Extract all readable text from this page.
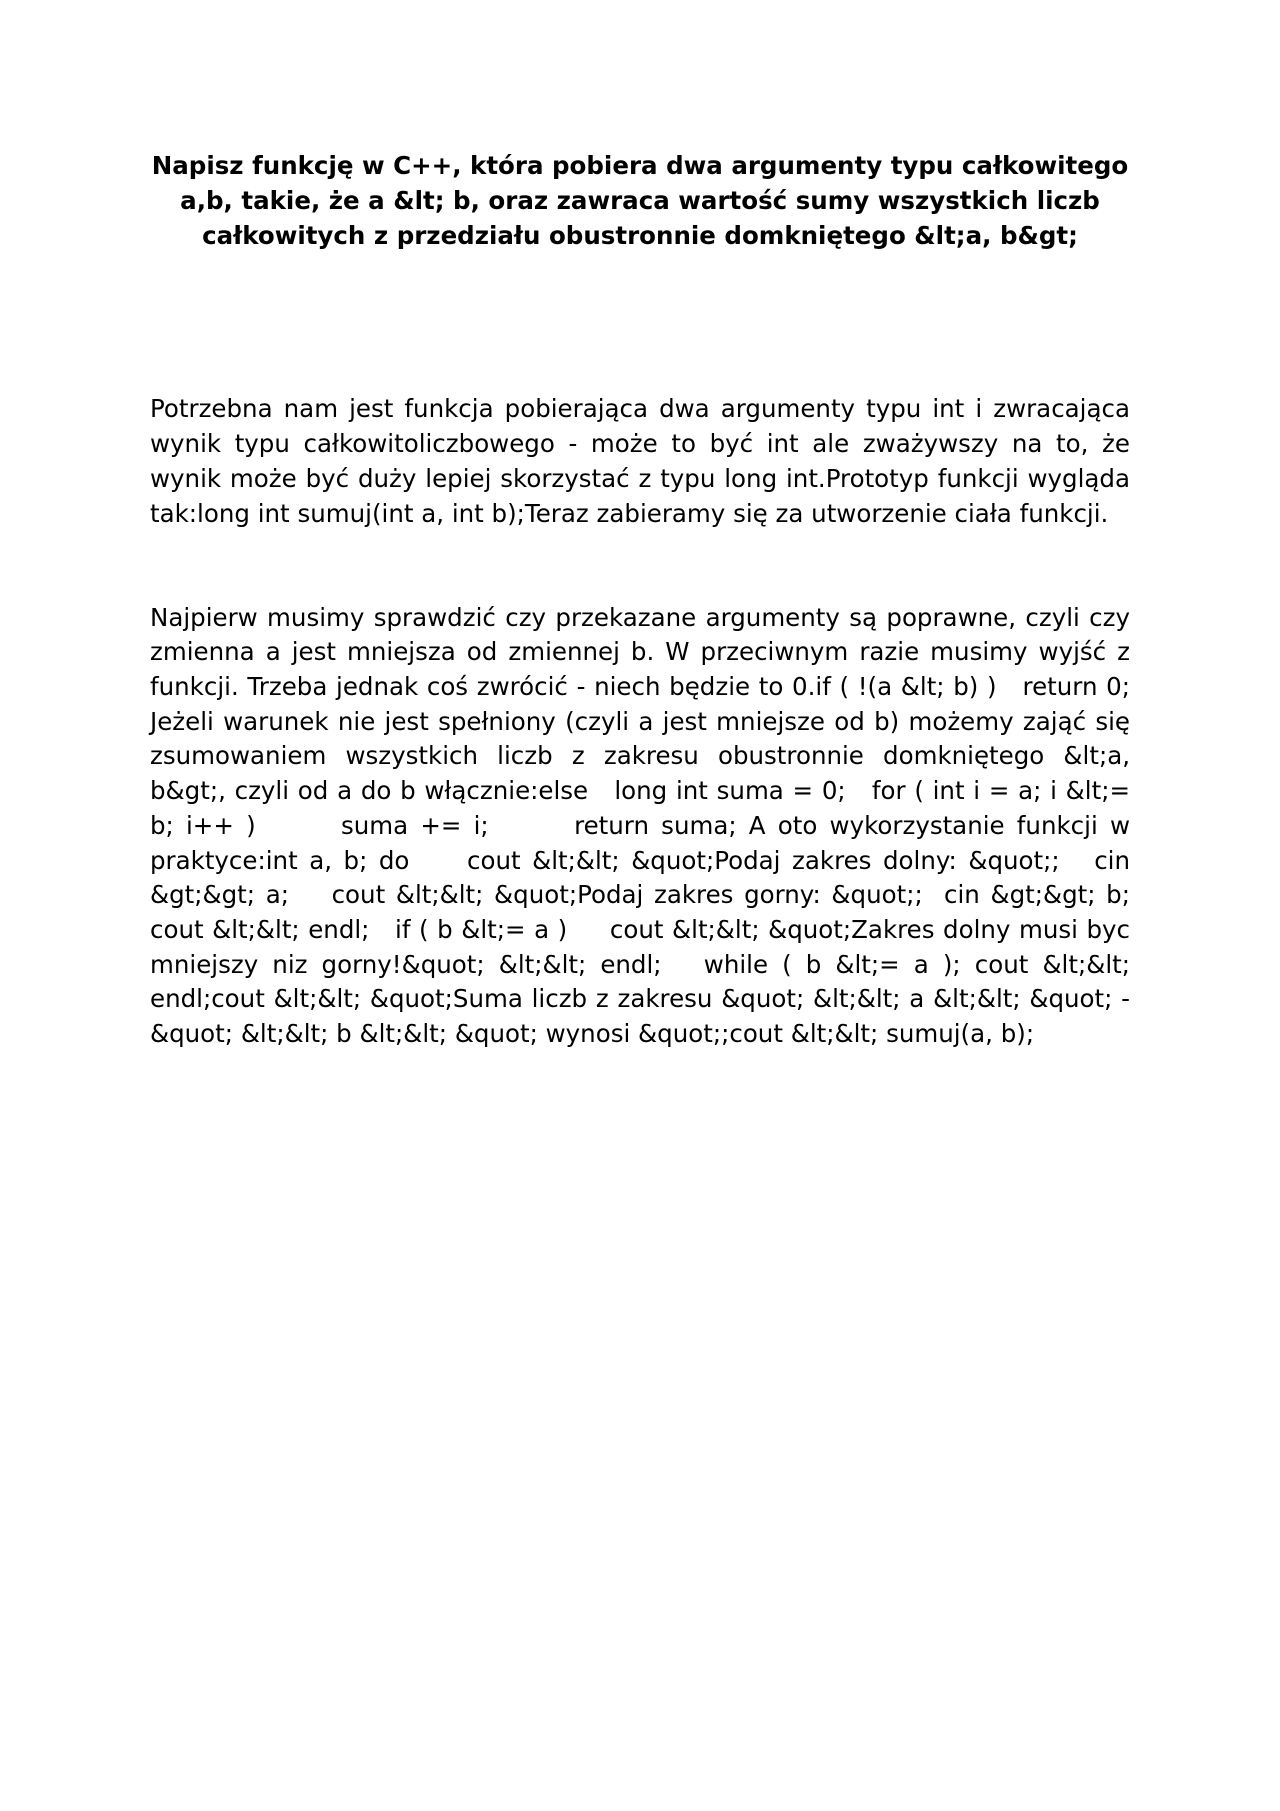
Napisz funkcję w C++, która pobiera dwa argumenty typu całkowitego a,b, takie, że a &lt; b, oraz zawraca wartość sumy wszystkich liczb całkowitych z przedziału obustronnie domkniętego &lt;a, b&gt;

Potrzebna nam jest funkcja pobierająca dwa argumenty typu int i zwracająca wynik typu całkowitoliczbowego - może to być int ale zważywszy na to, że wynik może być duży lepiej skorzystać z typu long int.Prototyp funkcji wygląda tak:long int sumuj(int a, int b);Teraz zabieramy się za utworzenie ciała funkcji.

Najpierw musimy sprawdzić czy przekazane argumenty są poprawne, czyli czy zmienna a jest mniejsza od zmiennej b. W przeciwnym razie musimy wyjść z funkcji. Trzeba jednak coś zwrócić - niech będzie to 0.if ( !(a &lt; b) )   return 0; Jeżeli warunek nie jest spełniony (czyli a jest mniejsze od b) możemy zająć się zsumowaniem wszystkich liczb z zakresu obustronnie domkniętego &lt;a, b&gt;, czyli od a do b włącznie:else   long int suma = 0;   for ( int i = a; i &lt;= b; i++ )       suma += i;       return suma; A oto wykorzystanie funkcji w praktyce:int a, b; do     cout &lt;&lt; &quot;Podaj zakres dolny: &quot;;   cin &gt;&gt; a;    cout &lt;&lt; &quot;Podaj zakres gorny: &quot;;  cin &gt;&gt; b;  cout &lt;&lt; endl;   if ( b &lt;= a )     cout &lt;&lt; &quot;Zakres dolny musi byc mniejszy niz gorny!&quot; &lt;&lt; endl;   while ( b &lt;= a ); cout &lt;&lt; endl;cout &lt;&lt; &quot;Suma liczb z zakresu &quot; &lt;&lt; a &lt;&lt; &quot; - &quot; &lt;&lt; b &lt;&lt; &quot; wynosi &quot;;cout &lt;&lt; sumuj(a, b);
